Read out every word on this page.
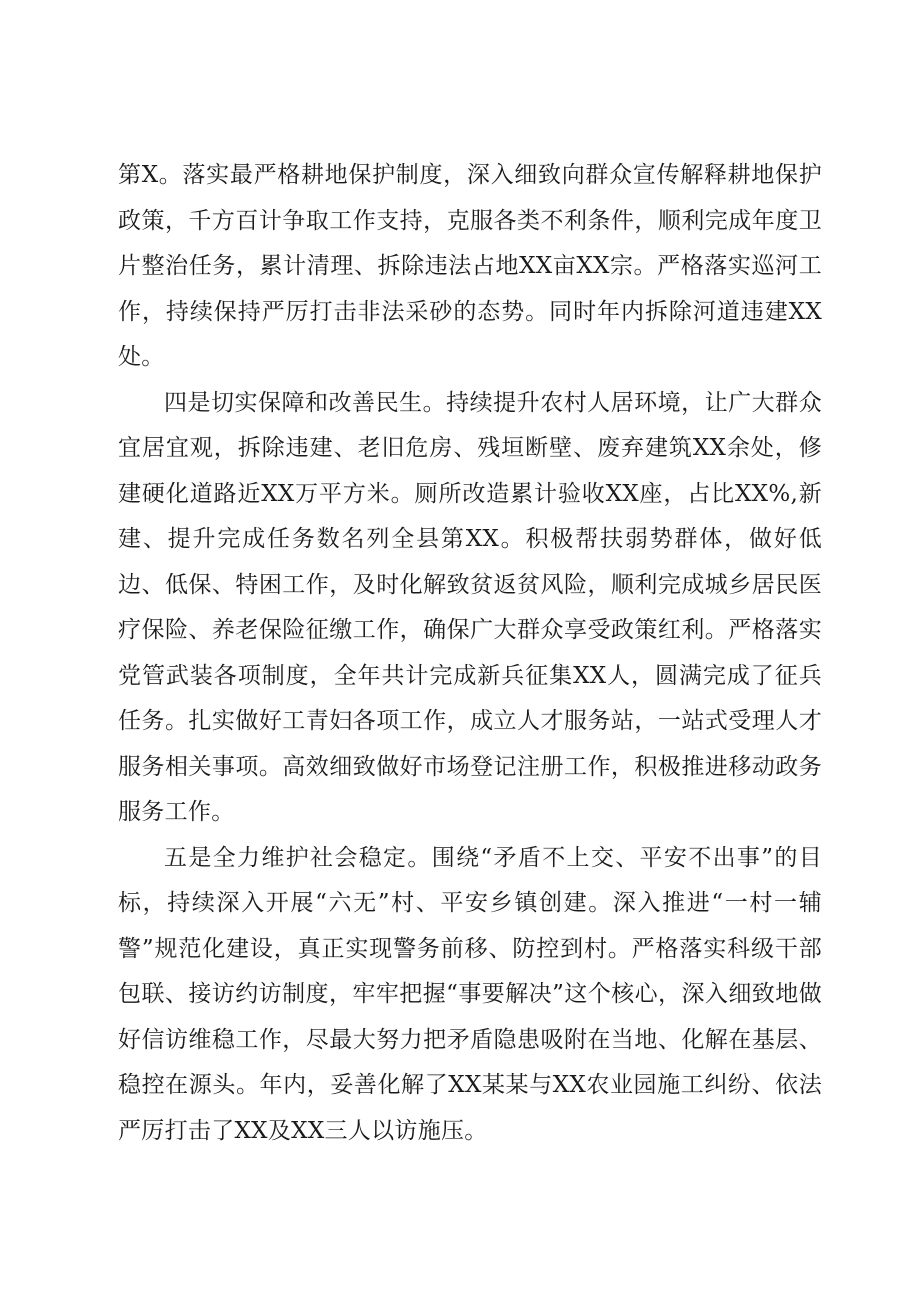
第X。落实最严格耕地保护制度，深入细致向群众宣传解释耕地保护政策，千方百计争取工作支持，克服各类不利条件，顺利完成年度卫片整治任务，累计清理、拆除违法占地XX亩XX宗。严格落实巡河工作，持续保持严厉打击非法采砂的态势。同时年内拆除河道违建XX处。

四是切实保障和改善民生。持续提升农村人居环境，让广大群众宜居宜观，拆除违建、老旧危房、残垣断壁、废弃建筑XX余处，修建硬化道路近XX万平方米。厕所改造累计验收XX座，占比XX%,新建、提升完成任务数名列全县第XX。积极帮扶弱势群体，做好低边、低保、特困工作，及时化解致贫返贫风险，顺利完成城乡居民医疗保险、养老保险征缴工作，确保广大群众享受政策红利。严格落实党管武装各项制度，全年共计完成新兵征集XX人，圆满完成了征兵任务。扎实做好工青妇各项工作，成立人才服务站，一站式受理人才服务相关事项。高效细致做好市场登记注册工作，积极推进移动政务服务工作。

五是全力维护社会稳定。围绕“矛盾不上交、平安不出事”的目标，持续深入开展“六无”村、平安乡镇创建。深入推进“一村一辅警”规范化建设，真正实现警务前移、防控到村。严格落实科级干部包联、接访约访制度，牢牢把握“事要解决”这个核心，深入细致地做好信访维稳工作，尽最大努力把矛盾隐患吸附在当地、化解在基层、稳控在源头。年内，妥善化解了XX某某与XX农业园施工纠纷、依法严厉打击了XX及XX三人以访施压。
